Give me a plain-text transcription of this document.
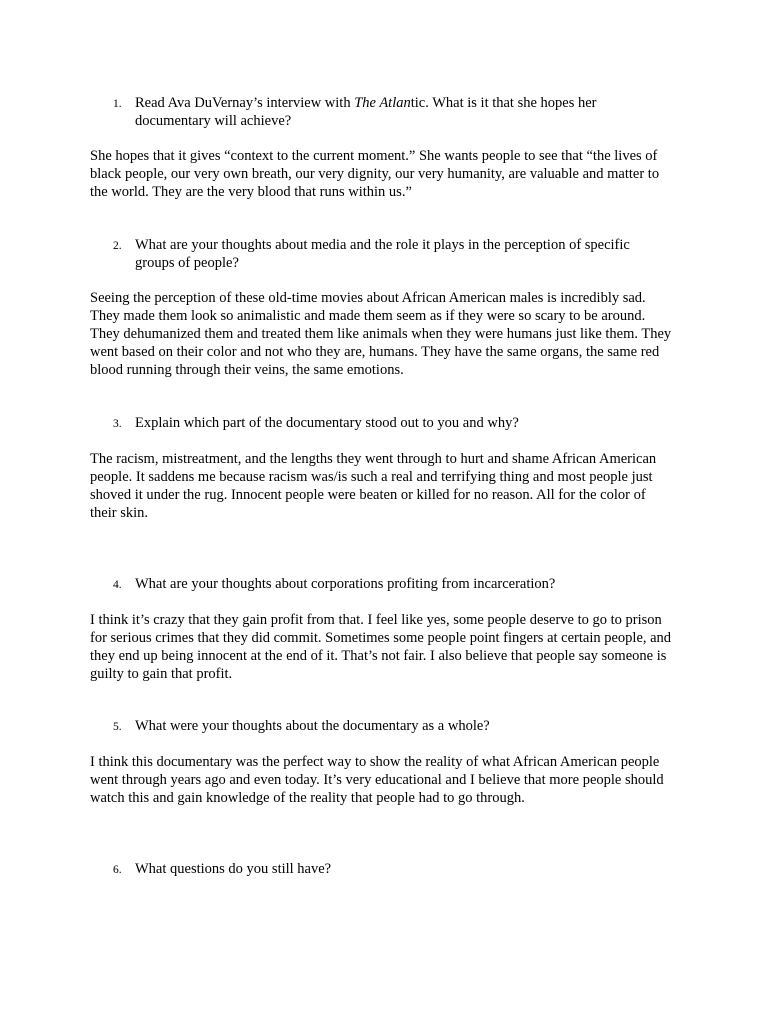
1. Read Ava DuVernay’s interview with The Atlantic. What is it that she hopes her documentary will achieve?

She hopes that it gives “context to the current moment.” She wants people to see that “the lives of black people, our very own breath, our very dignity, our very humanity, are valuable and matter to the world. They are the very blood that runs within us.”

2. What are your thoughts about media and the role it plays in the perception of specific groups of people?

Seeing the perception of these old-time movies about African American males is incredibly sad. They made them look so animalistic and made them seem as if they were so scary to be around. They dehumanized them and treated them like animals when they were humans just like them. They went based on their color and not who they are, humans. They have the same organs, the same red blood running through their veins, the same emotions.

3. Explain which part of the documentary stood out to you and why?

The racism, mistreatment, and the lengths they went through to hurt and shame African American people. It saddens me because racism was/is such a real and terrifying thing and most people just shoved it under the rug. Innocent people were beaten or killed for no reason. All for the color of their skin.

4. What are your thoughts about corporations profiting from incarceration?

I think it’s crazy that they gain profit from that. I feel like yes, some people deserve to go to prison for serious crimes that they did commit. Sometimes some people point fingers at certain people, and they end up being innocent at the end of it. That’s not fair. I also believe that people say someone is guilty to gain that profit.

5. What were your thoughts about the documentary as a whole?

I think this documentary was the perfect way to show the reality of what African American people went through years ago and even today. It’s very educational and I believe that more people should watch this and gain knowledge of the reality that people had to go through.

6. What questions do you still have?
